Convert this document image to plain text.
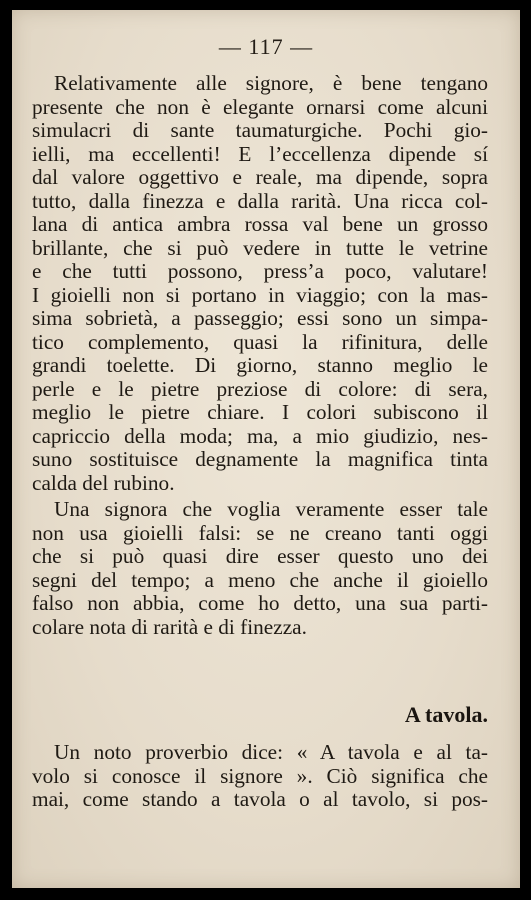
— 117 —
Relativamente alle signore, è bene tengano
presente che non è elegante ornarsi come alcuni
simulacri di sante taumaturgiche. Pochi gio-
ielli, ma eccellenti! E l’eccellenza dipende sí
dal valore oggettivo e reale, ma dipende, sopra
tutto, dalla finezza e dalla rarità. Una ricca col-
lana di antica ambra rossa val bene un grosso
brillante, che si può vedere in tutte le vetrine
e che tutti possono, press’a poco, valutare!
I gioielli non si portano in viaggio; con la mas-
sima sobrietà, a passeggio; essi sono un simpa-
tico complemento, quasi la rifinitura, delle
grandi toelette. Di giorno, stanno meglio le
perle e le pietre preziose di colore: di sera,
meglio le pietre chiare. I colori subiscono il
capriccio della moda; ma, a mio giudizio, nes-
suno sostituisce degnamente la magnifica tinta
calda del rubino.
Una signora che voglia veramente esser tale
non usa gioielli falsi: se ne creano tanti oggi
che si può quasi dire esser questo uno dei
segni del tempo; a meno che anche il gioiello
falso non abbia, come ho detto, una sua parti-
colare nota di rarità e di finezza.
A tavola.
Un noto proverbio dice: « A tavola e al ta-
volo si conosce il signore ». Ciò significa che
mai, come stando a tavola o al tavolo, si pos-
